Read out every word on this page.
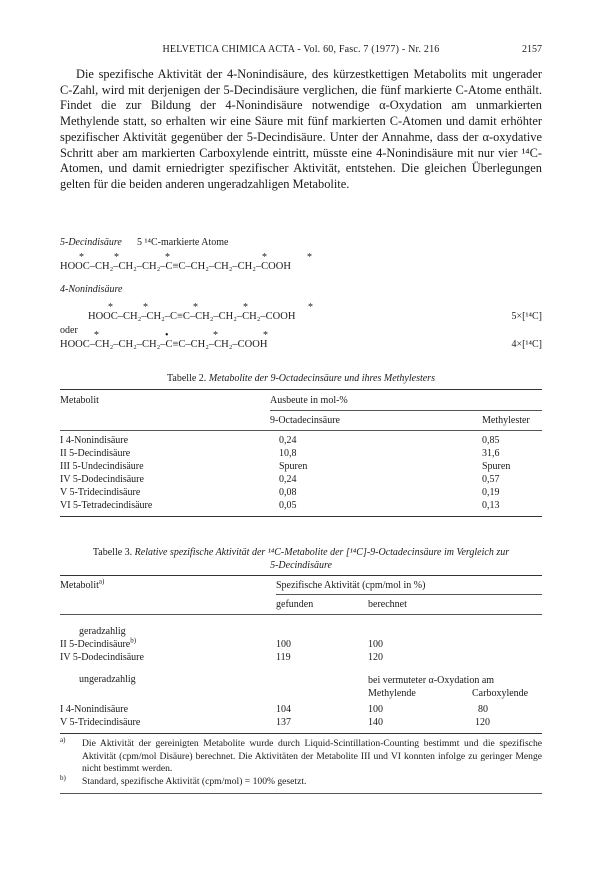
HELVETICA CHIMICA ACTA - Vol. 60, Fasc. 7 (1977) - Nr. 216	2157

Die spezifische Aktivität der 4-Nonindisäure, des kürzestkettigen Metabolits mit ungerader C-Zahl, wird mit derjenigen der 5-Decindisäure verglichen, die fünf markierte C-Atome enthält. Findet die zur Bildung der 4-Nonindisäure notwendige α-Oxydation am unmarkierten Methylende statt, so erhalten wir eine Säure mit fünf markierten C-Atomen und damit erhöhter spezifischer Aktivität gegenüber der 5-Decindisäure. Unter der Annahme, dass der α-oxydative Schritt aber am markierten Carboxylende eintritt, müsste eine 4-Nonindisäure mit nur vier ¹⁴C-Atomen, und damit erniedrigter spezifischer Aktivität, entstehen. Die gleichen Überlegungen gelten für die beiden anderen ungeradzahligen Metabolite.

5-Decindisäure 5 ¹⁴C-markierte Atome
*	*	*	*	*
HOOC–CH₂–CH₂–CH₂–C≡C–CH₂–CH₂–CH₂–COOH
4-Nonindisäure
*	*	*	*	*
HOOC–CH₂–CH₂–C≡C–CH₂–CH₂–CH₂–COOH	5×[¹⁴C]
oder *	•	*	*
HOOC–CH₂–CH₂–CH₂–C≡C–CH₂–CH₂–COOH	4×[¹⁴C]
Tabelle 2. Metabolite der 9-Octadecinsäure und ihres Methylesters
Metabolit	Ausbeute in mol-%
9-Octadecinsäure	Methylester
I 4-Nonindisäure	0,24	0,85
II 5-Decindisäure	10,8	31,6
III 5-Undecindisäure	Spuren	Spuren
IV 5-Dodecindisäure	0,24	0,57
V 5-Tridecindisäure	0,08	0,19
VI 5-Tetradecindisäure	0,05	0,13
Tabelle 3. Relative spezifische Aktivität der ¹⁴C-Metabolite der [¹⁴C]-9-Octadecinsäure im Vergleich zur
5-Decindisäure
Metabolit$^{a)}$	Spezifische Aktivität (cpm/mol in %)
gefunden	berechnet
geradzahlig
II 5-Decindisäure$^{b)}$	100	100
IV 5-Dodecindisäure	119	120
ungeradzahlig	bei vermuteter α-Oxydation am
Methylende	Carboxylende
I 4-Nonindisäure	104	100	80
V 5-Tridecindisäure	137	140	120
$^{a)}$ Die Aktivität der gereinigten Metabolite wurde durch Liquid-Scintillation-Counting bestimmt und die spezifische Aktivität (cpm/mol Disäure) berechnet. Die Aktivitäten der Metabolite III und VI konnten infolge zu geringer Menge nicht bestimmt werden.
$^{b)}$ Standard, spezifische Aktivität (cpm/mol) = 100% gesetzt.
